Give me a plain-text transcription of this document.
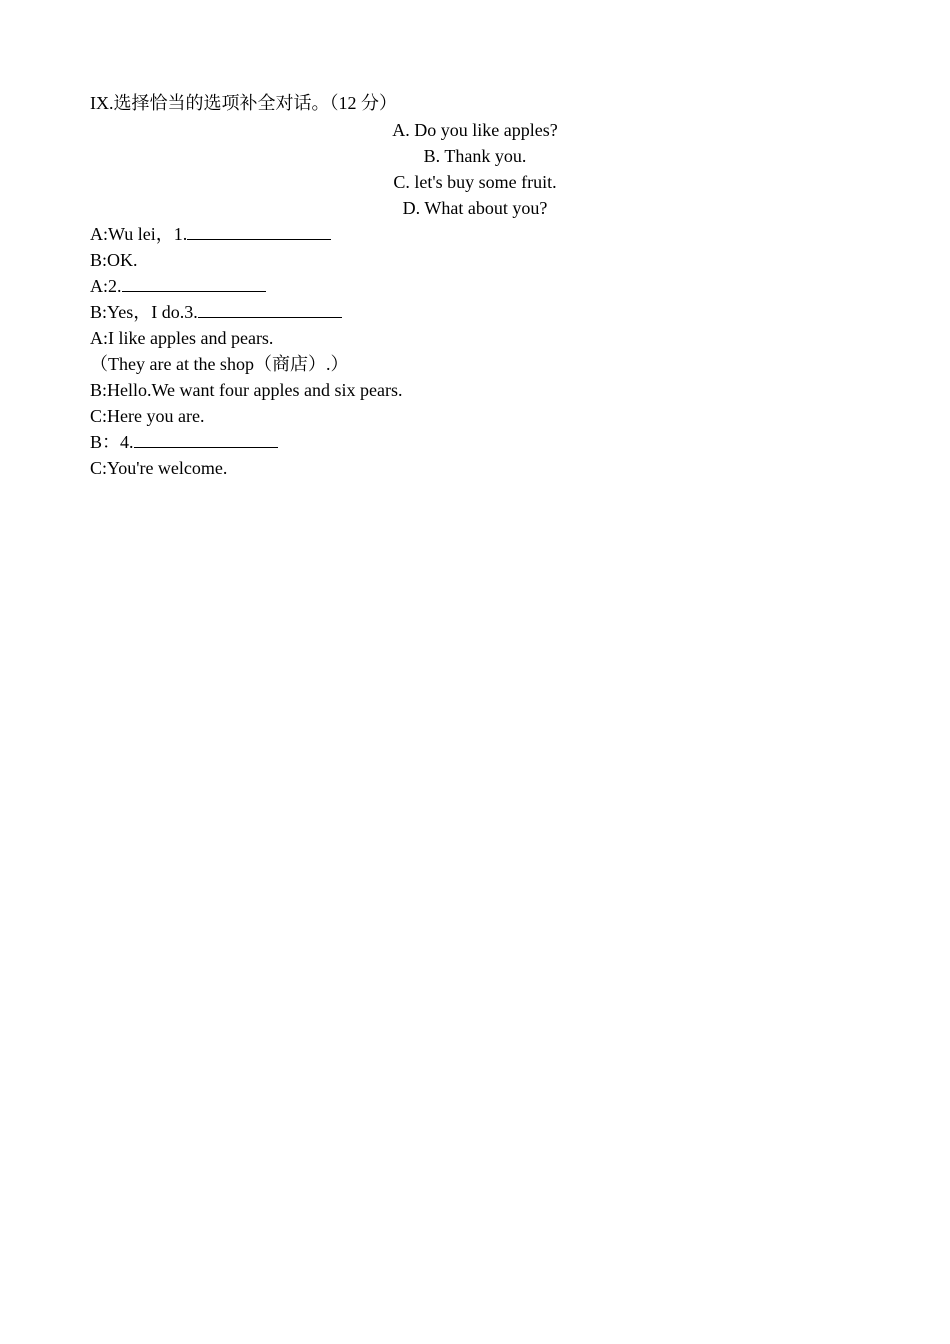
IX.选择恰当的选项补全对话。（12 分）
A. Do you like apples?
B. Thank you.
C. let's buy some fruit.
D. What about you?
A:Wu lei，1.
B:OK.
A:2.
B:Yes，I do.3.
A:I like apples and pears.
（They are at the shop（商店）.）
B:Hello.We want four apples and six pears.
C:Here you are.
B：4.
C:You're welcome.
